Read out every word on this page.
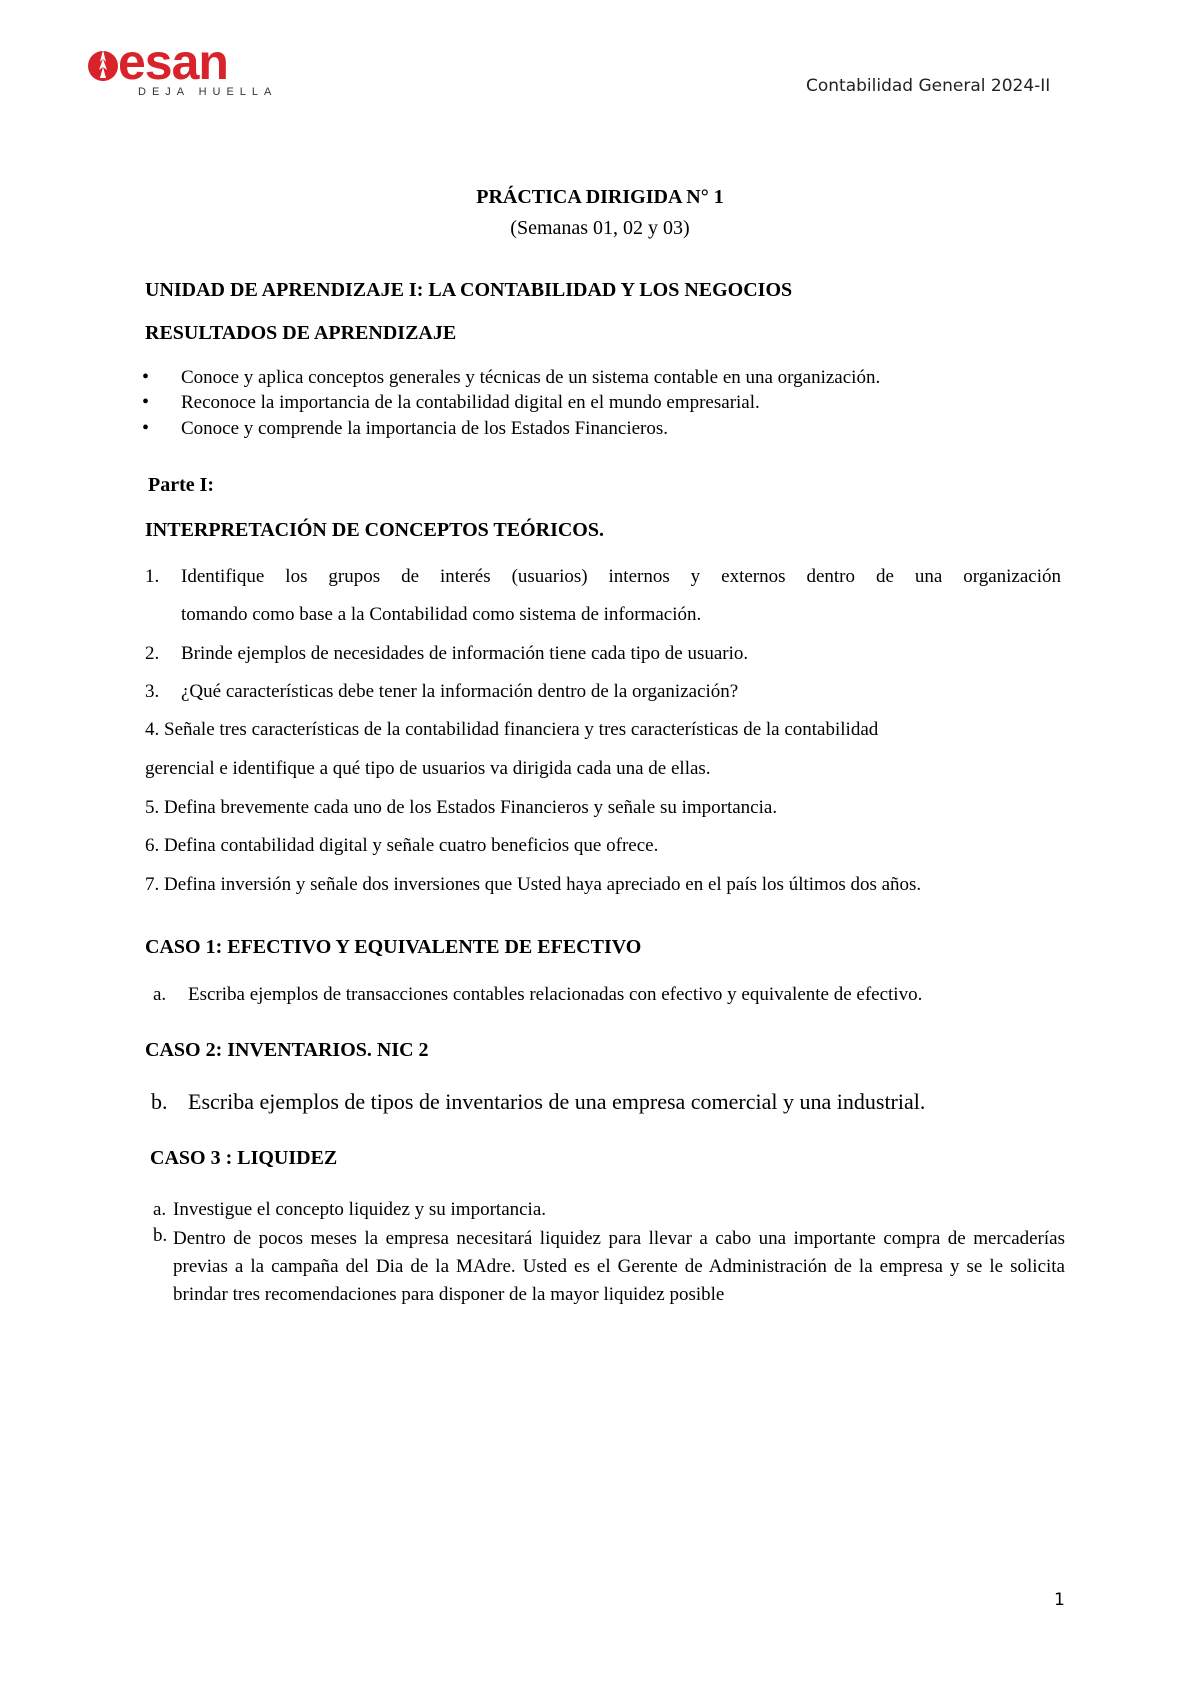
esan
DEJA HUELLA	Contabilidad General 2024-II
PRÁCTICA DIRIGIDA N° 1
(Semanas 01, 02 y 03)
UNIDAD DE APRENDIZAJE I: LA CONTABILIDAD Y LOS NEGOCIOS
RESULTADOS DE APRENDIZAJE
• Conoce y aplica conceptos generales y técnicas de un sistema contable en una organización.
• Reconoce la importancia de la contabilidad digital en el mundo empresarial.
• Conoce y comprende la importancia de los Estados Financieros.
Parte I:
INTERPRETACIÓN DE CONCEPTOS TEÓRICOS.
1. Identifique los grupos de interés (usuarios) internos y externos dentro de una organización
tomando como base a la Contabilidad como sistema de información.
2. Brinde ejemplos de necesidades de información tiene cada tipo de usuario.
3. ¿Qué características debe tener la información dentro de la organización?
4. Señale tres características de la contabilidad financiera y tres características de la contabilidad
gerencial e identifique a qué tipo de usuarios va dirigida cada una de ellas.
5. Defina brevemente cada uno de los Estados Financieros y señale su importancia.
6. Defina contabilidad digital y señale cuatro beneficios que ofrece.
7. Defina inversión y señale dos inversiones que Usted haya apreciado en el país los últimos dos años.
CASO 1: EFECTIVO Y EQUIVALENTE DE EFECTIVO
a. Escriba ejemplos de transacciones contables relacionadas con efectivo y equivalente de efectivo.
CASO 2: INVENTARIOS. NIC 2
b. Escriba ejemplos de tipos de inventarios de una empresa comercial y una industrial.
CASO 3 : LIQUIDEZ
a. Investigue el concepto liquidez y su importancia.
b. Dentro de pocos meses la empresa necesitará liquidez para llevar a cabo una importante compra de mercaderías previas a la campaña del Dia de la MAdre. Usted es el Gerente de Administración de la empresa y se le solicita brindar tres recomendaciones para disponer de la mayor liquidez posible
1
